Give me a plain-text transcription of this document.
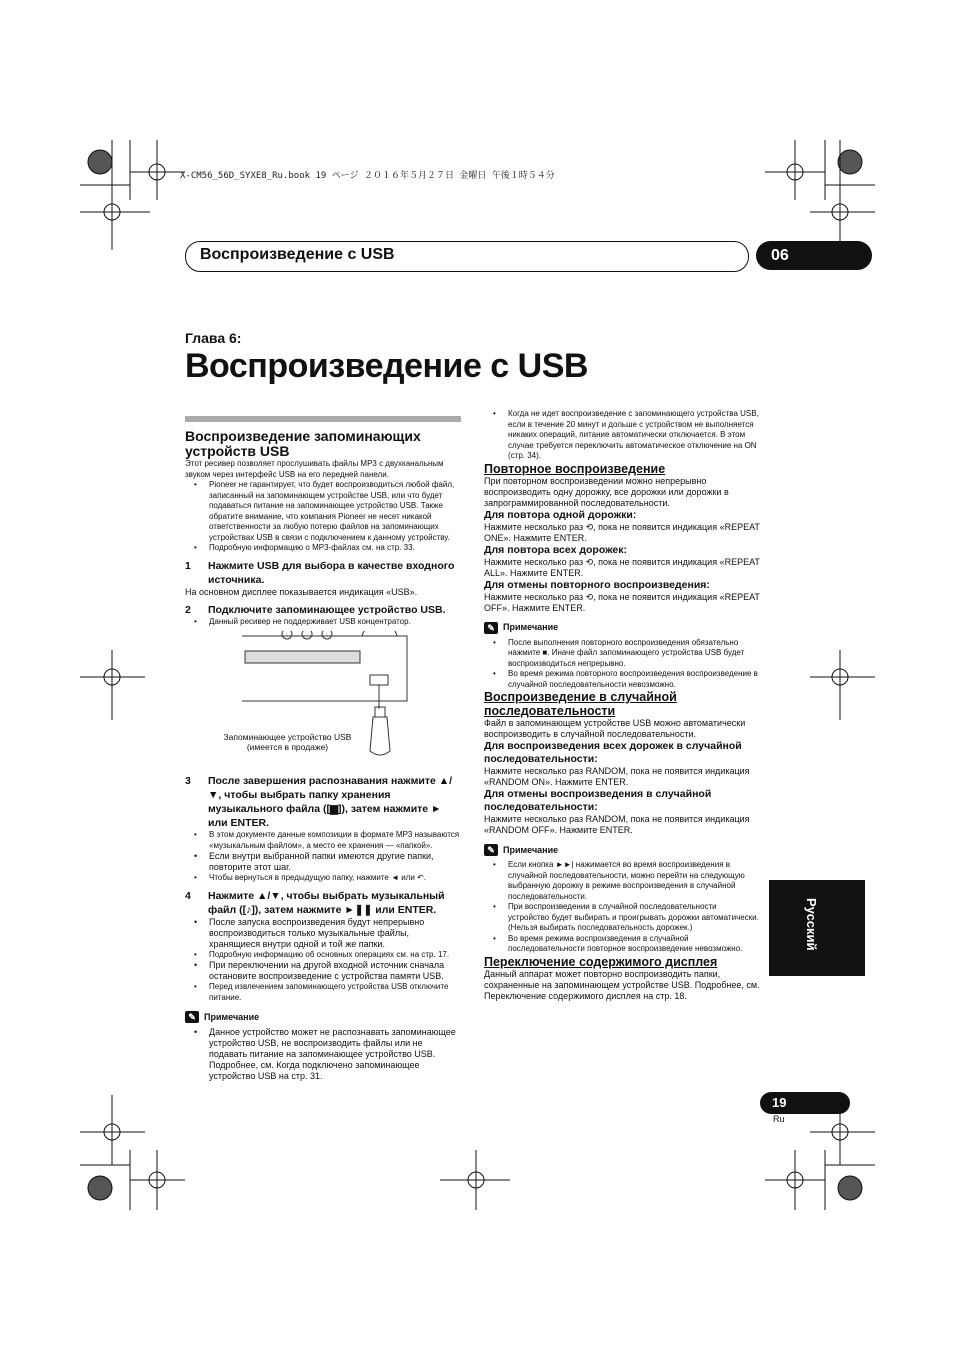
X-CM56_56D_SYXE8_Ru.book 19 ページ ２０１６年５月２７日 金曜日 午後１時５４分
Воспроизведение с USB	06
Глава 6:
Воспроизведение с USB

Воспроизведение запоминающих устройств USB

Этот ресивер позволяет прослушивать файлы MP3 с двухканальным звуком через интерфейс USB на его передней панели.

• Pioneer не гарантирует, что будет воспроизводиться любой файл, записанный на запоминающем устройстве USB, или что будет подаваться питание на запоминающее устройство USB. Также обратите внимание, что компания Pioneer не несет никакой ответственности за любую потерю файлов на запоминающих устройствах USB в связи с подключением к данному устройству.

• Подробную информацию о MP3-файлах см. на стр. 33.

1	Нажмите USB для выбора в качестве входного источника.

На основном дисплее показывается индикация «USB».

2	Подключите запоминающее устройство USB.

• Данный ресивер не поддерживает USB концентратор.

3	После завершения распознавания нажмите ▲/▼, чтобы выбрать папку хранения музыкального файла ([▆]), затем нажмите ► или ENTER.

• В этом документе данные композиции в формате MP3 называются «музыкальным файлом», а место ее хранения — «папкой».

• Если внутри выбранной папки имеются другие папки, повторите этот шаг.

• Чтобы вернуться в предыдущую папку, нажмите ◄ или ↶.

4	Нажмите ▲/▼, чтобы выбрать музыкальный файл ([♪]), затем нажмите ►❚❚ или ENTER.

• После запуска воспроизведения будут непрерывно воспроизводиться только музыкальные файлы, хранящиеся внутри одной и той же папки.

• Подробную информацию об основных операциях см. на стр. 17.

• При переключении на другой входной источник сначала остановите воспроизведение с устройства памяти USB.

• Перед извлечением запоминающего устройства USB отключите питание.

✎ Примечание

• Данное устройство может не распознавать запоминающее устройство USB, не воспроизводить файлы или не подавать питание на запоминающее устройство USB. Подробнее, см. Когда подключено запоминающее устройство USB на стр. 31.

Запоминающее устройство USB (имеется в продаже)

• Когда не идет воспроизведение с запоминающего устройства USB, если в течение 20 минут и дольше с устройством не выполняется никаких операций, питание автоматически отключается. В этом случае требуется переключить автоматическое отключение на ON (стр. 34).

Повторное воспроизведение

При повторном воспроизведении можно непрерывно воспроизводить одну дорожку, все дорожки или дорожки в запрограммированной последовательности.

Для повтора одной дорожки:

Нажмите несколько раз ⟲, пока не появится индикация «REPEAT ONE». Нажмите ENTER.

Для повтора всех дорожек:

Нажмите несколько раз ⟲, пока не появится индикация «REPEAT ALL». Нажмите ENTER.

Для отмены повторного воспроизведения:

Нажмите несколько раз ⟲, пока не появится индикация «REPEAT OFF». Нажмите ENTER.

✎ Примечание

• После выполнения повторного воспроизведения обязательно нажмите ■. Иначе файл запоминающего устройства USB будет воспроизводиться непрерывно.

• Во время режима повторного воспроизведения воспроизведение в случайной последовательности невозможно.

Воспроизведение в случайной последовательности

Файл в запоминающем устройстве USB можно автоматически воспроизводить в случайной последовательности.

Для воспроизведения всех дорожек в случайной последовательности:

Нажмите несколько раз RANDOM, пока не появится индикация «RANDOM ON». Нажмите ENTER.

Для отмены воспроизведения в случайной последовательности:

Нажмите несколько раз RANDOM, пока не появится индикация «RANDOM OFF». Нажмите ENTER.

✎ Примечание

• Если кнопка ►►| нажимается во время воспроизведения в случайной последовательности, можно перейти на следующую выбранную дорожку в режиме воспроизведения в случайной последовательности.

• При воспроизведении в случайной последовательности устройство будет выбирать и проигрывать дорожки автоматически. (Нельзя выбирать последовательность дорожек.)

• Во время режима воспроизведения в случайной последовательности повторное воспроизведение невозможно.

Переключение содержимого дисплея

Данный аппарат может повторно воспроизводить папки, сохраненные на запоминающем устройстве USB. Подробнее, см. Переключение содержимого дисплея на стр. 18.

Русский
19
Ru
